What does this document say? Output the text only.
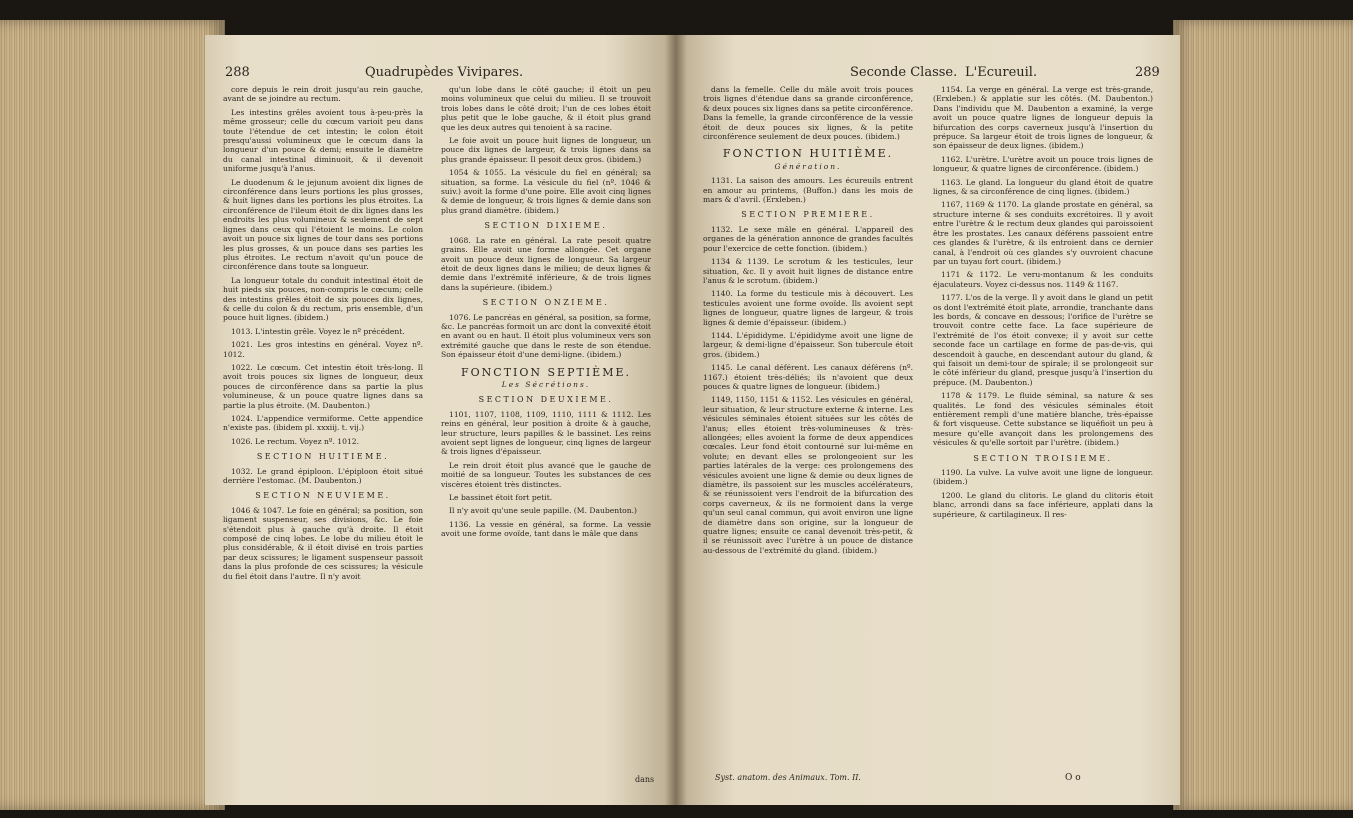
288	Quadrupèdes Vivipares.
core depuis le rein droit jusqu'au rein gauche, avant de se joindre au rectum.
Les intestins grêles avoient tous à-peu-près la même grosseur; celle du cœcum varioit peu dans toute l'étendue de cet intestin; le colon étoit presqu'aussi volumineux que le cœcum dans la longueur d'un pouce & demi; ensuite le diamètre du canal intestinal diminuoit, & il devenoit uniforme jusqu'à l'anus.
Le duodenum & le jejunum avoient dix lignes de circonférence dans leurs portions les plus grosses, & huit lignes dans les portions les plus étroites. La circonférence de l'ileum étoit de dix lignes dans les endroits les plus volumineux & seulement de sept lignes dans ceux qui l'étoient le moins. Le colon avoit un pouce six lignes de tour dans ses portions les plus grosses, & un pouce dans ses parties les plus étroites. Le rectum n'avoit qu'un pouce de circonférence dans toute sa longueur.
La longueur totale du conduit intestinal étoit de huit pieds six pouces, non-compris le cœcum; celle des intestins grêles étoit de six pouces dix lignes, & celle du colon & du rectum, pris ensemble, d'un pouce huit lignes. (ibidem.)
1013. L'intestin grêle. Voyez le nº précédent.
1021. Les gros intestins en général. Voyez nº. 1012.
1022. Le cœcum. Cet intestin étoit très-long. Il avoit trois pouces six lignes de longueur, deux pouces de circonférence dans sa partie la plus volumineuse, & un pouce quatre lignes dans sa partie la plus étroite. (M. Daubenton.)
1024. L'appendice vermiforme. Cette appendice n'existe pas. (ibidem pl. xxxiij. t. vij.)
1026. Le rectum. Voyez nº. 1012.
SECTION HUITIEME.
1032. Le grand épiploon. L'épiploon étoit situé derrière l'estomac. (M. Daubenton.)
SECTION NEUVIEME.
1046 & 1047. Le foie en général; sa position, son ligament suspenseur, ses divisions, &c. Le foie s'étendoit plus à gauche qu'à droite. Il étoit composé de cinq lobes. Le lobe du milieu étoit le plus considérable, & il étoit divisé en trois parties par deux scissures; le ligament suspenseur passoit dans la plus profonde de ces scissures; la vésicule du fiel étoit dans l'autre. Il n'y avoit
qu'un lobe dans le côté gauche; il étoit un peu moins volumineux que celui du milieu. Il se trouvoit trois lobes dans le côté droit; l'un de ces lobes étoit plus petit que le lobe gauche, & il étoit plus grand que les deux autres qui tenoient à sa racine.
Le foie avoit un pouce huit lignes de longueur, un pouce dix lignes de largeur, & trois lignes dans sa plus grande épaisseur. Il pesoit deux gros. (ibidem.)
1054 & 1055. La vésicule du fiel en général; sa situation, sa forme. La vésicule du fiel (nº. 1046 & suiv.) avoit la forme d'une poire. Elle avoit cinq lignes & demie de longueur, & trois lignes & demie dans son plus grand diamètre. (ibidem.)
SECTION DIXIEME.
1068. La rate en général. La rate pesoit quatre grains. Elle avoit une forme allongée. Cet organe avoit un pouce deux lignes de longueur. Sa largeur étoit de deux lignes dans le milieu; de deux lignes & demie dans l'extrémité inférieure, & de trois lignes dans la supérieure. (ibidem.)
SECTION ONZIEME.
1076. Le pancréas en général, sa position, sa forme, &c. Le pancréas formoit un arc dont la convexité étoit en avant ou en haut. Il étoit plus volumineux vers son extrémité gauche que dans le reste de son étendue. Son épaisseur étoit d'une demi-ligne. (ibidem.)
FONCTION SEPTIÈME.
Les Sécrétions.
SECTION DEUXIEME.
1101, 1107, 1108, 1109, 1110, 1111 & 1112. Les reins en général, leur position à droite & à gauche, leur structure, leurs papilles & le bassinet. Les reins avoient sept lignes de longueur, cinq lignes de largeur & trois lignes d'épaisseur.
Le rein droit étoit plus avancé que le gauche de moitié de sa longueur. Toutes les substances de ces viscères étoient très distinctes.
Le bassinet étoit fort petit.
Il n'y avoit qu'une seule papille. (M. Daubenton.)
1136. La vessie en général, sa forme. La vessie avoit une forme ovoïde, tant dans le mâle que dans
dans
Seconde Classe. L'Ecureuil.	289
dans la femelle. Celle du mâle avoit trois pouces trois lignes d'étendue dans sa grande circonférence, & deux pouces six lignes dans sa petite circonférence. Dans la femelle, la grande circonférence de la vessie étoit de deux pouces six lignes, & la petite circonférence seulement de deux pouces. (ibidem.)
FONCTION HUITIÈME.
Génération.
1131. La saison des amours. Les écureuils entrent en amour au printems, (Buffon.) dans les mois de mars & d'avril. (Erxleben.)
SECTION PREMIERE.
1132. Le sexe mâle en général. L'appareil des organes de la génération annonce de grandes facultés pour l'exercice de cette fonction. (ibidem.)
1134 & 1139. Le scrotum & les testicules, leur situation, &c. Il y avoit huit lignes de distance entre l'anus & le scrotum. (ibidem.)
1140. La forme du testicule mis à découvert. Les testicules avoient une forme ovoïde. Ils avoient sept lignes de longueur, quatre lignes de largeur, & trois lignes & demie d'épaisseur. (ibidem.)
1144. L'épididyme. L'épididyme avoit une ligne de largeur, & demi-ligne d'épaisseur. Son tubercule étoit gros. (ibidem.)
1145. Le canal déférent. Les canaux déférens (nº. 1167.) étoient très-déliés; ils n'avoient que deux pouces & quatre lignes de longueur. (ibidem.)
1149, 1150, 1151 & 1152. Les vésicules en général, leur situation, & leur structure externe & interne. Les vésicules séminales étoient situées sur les côtés de l'anus; elles étoient très-volumineuses & très-allongées; elles avoient la forme de deux appendices cœcales. Leur fond étoit contourné sur lui-même en volute; en devant elles se prolongeoient sur les parties latérales de la verge: ces prolongemens des vésicules avoient une ligne & demie ou deux lignes de diamètre, ils passoient sur les muscles accélérateurs, & se réunissoient vers l'endroit de la bifurcation des corps caverneux, & ils ne formoient dans la verge qu'un seul canal commun, qui avoit environ une ligne de diamètre dans son origine, sur la longueur de quatre lignes; ensuite ce canal devenoit très-petit, & il se réunissoit avec l'urètre à un pouce de distance au-dessous de l'extrémité du gland. (ibidem.)
1154. La verge en général. La verge est très-grande, (Erxleben.) & applatie sur les côtés. (M. Daubenton.) Dans l'individu que M. Daubenton a examiné, la verge avoit un pouce quatre lignes de longueur depuis la bifurcation des corps caverneux jusqu'à l'insertion du prépuce. Sa largeur étoit de trois lignes de longueur, & son épaisseur de deux lignes. (ibidem.)
1162. L'urètre. L'urètre avoit un pouce trois lignes de longueur, & quatre lignes de circonférence. (ibidem.)
1163. Le gland. La longueur du gland étoit de quatre lignes, & sa circonférence de cinq lignes. (ibidem.)
1167, 1169 & 1170. La glande prostate en général, sa structure interne & ses conduits excrétoires. Il y avoit entre l'urètre & le rectum deux glandes qui paroissoient être les prostates. Les canaux déférens passoient entre ces glandes & l'urètre, & ils entroient dans ce dernier canal, à l'endroit où ces glandes s'y ouvroient chacune par un tuyau fort court. (ibidem.)
1171 & 1172. Le veru-montanum & les conduits éjaculateurs. Voyez ci-dessus nos. 1149 & 1167.
1177. L'os de la verge. Il y avoit dans le gland un petit os dont l'extrémité étoit plate, arrondie, tranchante dans les bords, & concave en dessous; l'orifice de l'urètre se trouvoit contre cette face. La face supérieure de l'extrémité de l'os étoit convexe; il y avoit sur cette seconde face un cartilage en forme de pas-de-vis, qui descendoit à gauche, en descendant autour du gland, & qui faisoit un demi-tour de spirale; il se prolongeoit sur le côté inférieur du gland, presque jusqu'à l'insertion du prépuce. (M. Daubenton.)
1178 & 1179. Le fluide séminal, sa nature & ses qualités. Le fond des vésicules séminales étoit entièrement rempli d'une matière blanche, très-épaisse & fort visqueuse. Cette substance se liquéfioit un peu à mesure qu'elle avançoit dans les prolongemens des vésicules & qu'elle sortoit par l'urètre. (ibidem.)
SECTION TROISIEME.
1190. La vulve. La vulve avoit une ligne de longueur. (ibidem.)
1200. Le gland du clitoris. Le gland du clitoris étoit blanc, arrondi dans sa face inférieure, applati dans la supérieure, & cartilagineux. Il res-
Syst. anatom. des Animaux. Tom. II.	O o
